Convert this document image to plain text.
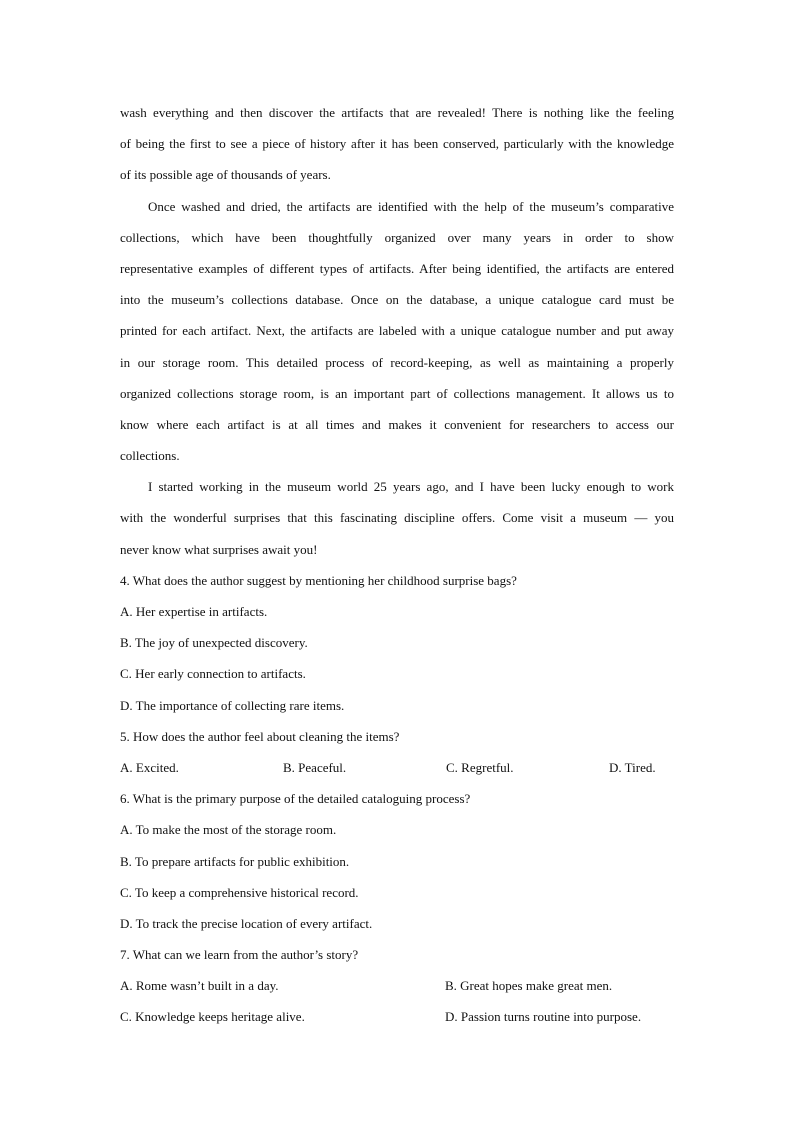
wash everything and then discover the artifacts that are revealed! There is nothing like the feeling
of being the first to see a piece of history after it has been conserved, particularly with the knowledge
of its possible age of thousands of years.
Once washed and dried, the artifacts are identified with the help of the museum’s comparative
collections, which have been thoughtfully organized over many years in order to show
representative examples of different types of artifacts. After being identified, the artifacts are entered
into the museum’s collections database. Once on the database, a unique catalogue card must be
printed for each artifact. Next, the artifacts are labeled with a unique catalogue number and put away
in our storage room. This detailed process of record-keeping, as well as maintaining a properly
organized collections storage room, is an important part of collections management. It allows us to
know where each artifact is at all times and makes it convenient for researchers to access our
collections.
I started working in the museum world 25 years ago, and I have been lucky enough to work
with the wonderful surprises that this fascinating discipline offers. Come visit a museum — you
never know what surprises await you!
4. What does the author suggest by mentioning her childhood surprise bags?
A. Her expertise in artifacts.
B. The joy of unexpected discovery.
C. Her early connection to artifacts.
D. The importance of collecting rare items.
5. How does the author feel about cleaning the items?
A. Excited.	B. Peaceful.	C. Regretful.	D. Tired.
6. What is the primary purpose of the detailed cataloguing process?
A. To make the most of the storage room.
B. To prepare artifacts for public exhibition.
C. To keep a comprehensive historical record.
D. To track the precise location of every artifact.
7. What can we learn from the author’s story?
A. Rome wasn’t built in a day.	B. Great hopes make great men.
C. Knowledge keeps heritage alive.	D. Passion turns routine into purpose.
